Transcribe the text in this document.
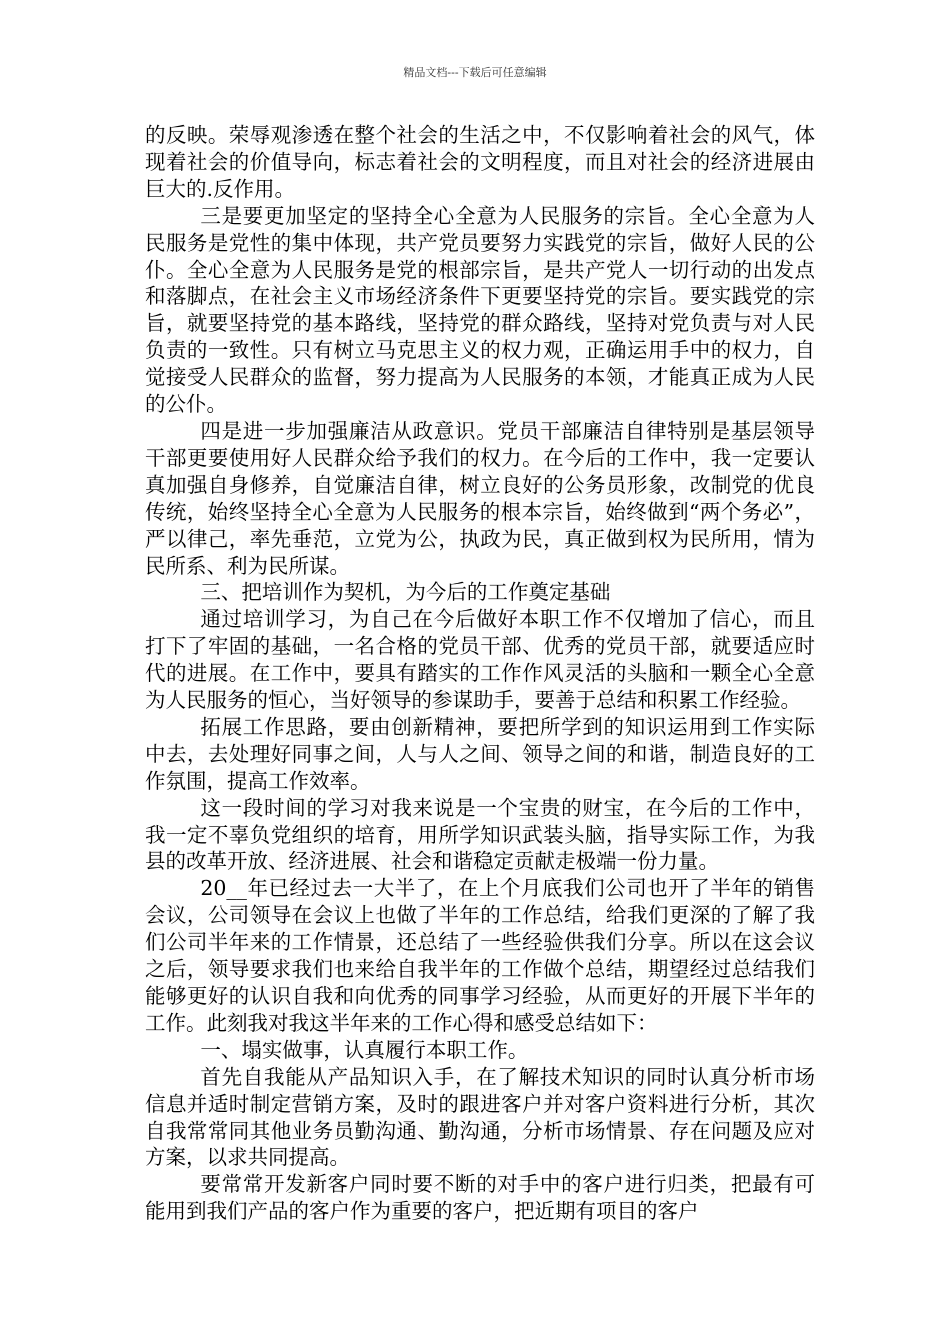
精品文档---下载后可任意编辑

的反映。荣辱观渗透在整个社会的生活之中，不仅影响着社会的风气，体现着社会的价值导向，标志着社会的文明程度，而且对社会的经济进展由巨大的.反作用。

三是要更加坚定的坚持全心全意为人民服务的宗旨。全心全意为人民服务是党性的集中体现，共产党员要努力实践党的宗旨，做好人民的公仆。全心全意为人民服务是党的根部宗旨，是共产党人一切行动的出发点和落脚点，在社会主义市场经济条件下更要坚持党的宗旨。要实践党的宗旨，就要坚持党的基本路线，坚持党的群众路线，坚持对党负责与对人民负责的一致性。只有树立马克思主义的权力观，正确运用手中的权力，自觉接受人民群众的监督，努力提高为人民服务的本领，才能真正成为人民的公仆。

四是进一步加强廉洁从政意识。党员干部廉洁自律特别是基层领导干部更要使用好人民群众给予我们的权力。在今后的工作中，我一定要认真加强自身修养，自觉廉洁自律，树立良好的公务员形象，改制党的优良传统，始终坚持全心全意为人民服务的根本宗旨，始终做到“两个务必”，严以律己，率先垂范，立党为公，执政为民，真正做到权为民所用，情为民所系、利为民所谋。

三、把培训作为契机，为今后的工作奠定基础

通过培训学习，为自己在今后做好本职工作不仅增加了信心，而且打下了牢固的基础，一名合格的党员干部、优秀的党员干部，就要适应时代的进展。在工作中，要具有踏实的工作作风灵活的头脑和一颗全心全意为人民服务的恒心，当好领导的参谋助手，要善于总结和积累工作经验。

拓展工作思路，要由创新精神，要把所学到的知识运用到工作实际中去，去处理好同事之间，人与人之间、领导之间的和谐，制造良好的工作氛围，提高工作效率。

这一段时间的学习对我来说是一个宝贵的财宝，在今后的工作中，我一定不辜负党组织的培育，用所学知识武装头脑，指导实际工作，为我县的改革开放、经济进展、社会和谐稳定贡献走极端一份力量。

20__年已经过去一大半了，在上个月底我们公司也开了半年的销售会议，公司领导在会议上也做了半年的工作总结，给我们更深的了解了我们公司半年来的工作情景，还总结了一些经验供我们分享。所以在这会议之后，领导要求我们也来给自我半年的工作做个总结，期望经过总结我们能够更好的认识自我和向优秀的同事学习经验，从而更好的开展下半年的工作。此刻我对我这半年来的工作心得和感受总结如下：

一、塌实做事，认真履行本职工作。

首先自我能从产品知识入手，在了解技术知识的同时认真分析市场信息并适时制定营销方案，及时的跟进客户并对客户资料进行分析，其次自我常常同其他业务员勤沟通、勤沟通，分析市场情景、存在问题及应对方案，以求共同提高。

要常常开发新客户同时要不断的对手中的客户进行归类，把最有可能用到我们产品的客户作为重要的客户，把近期有项目的客户
